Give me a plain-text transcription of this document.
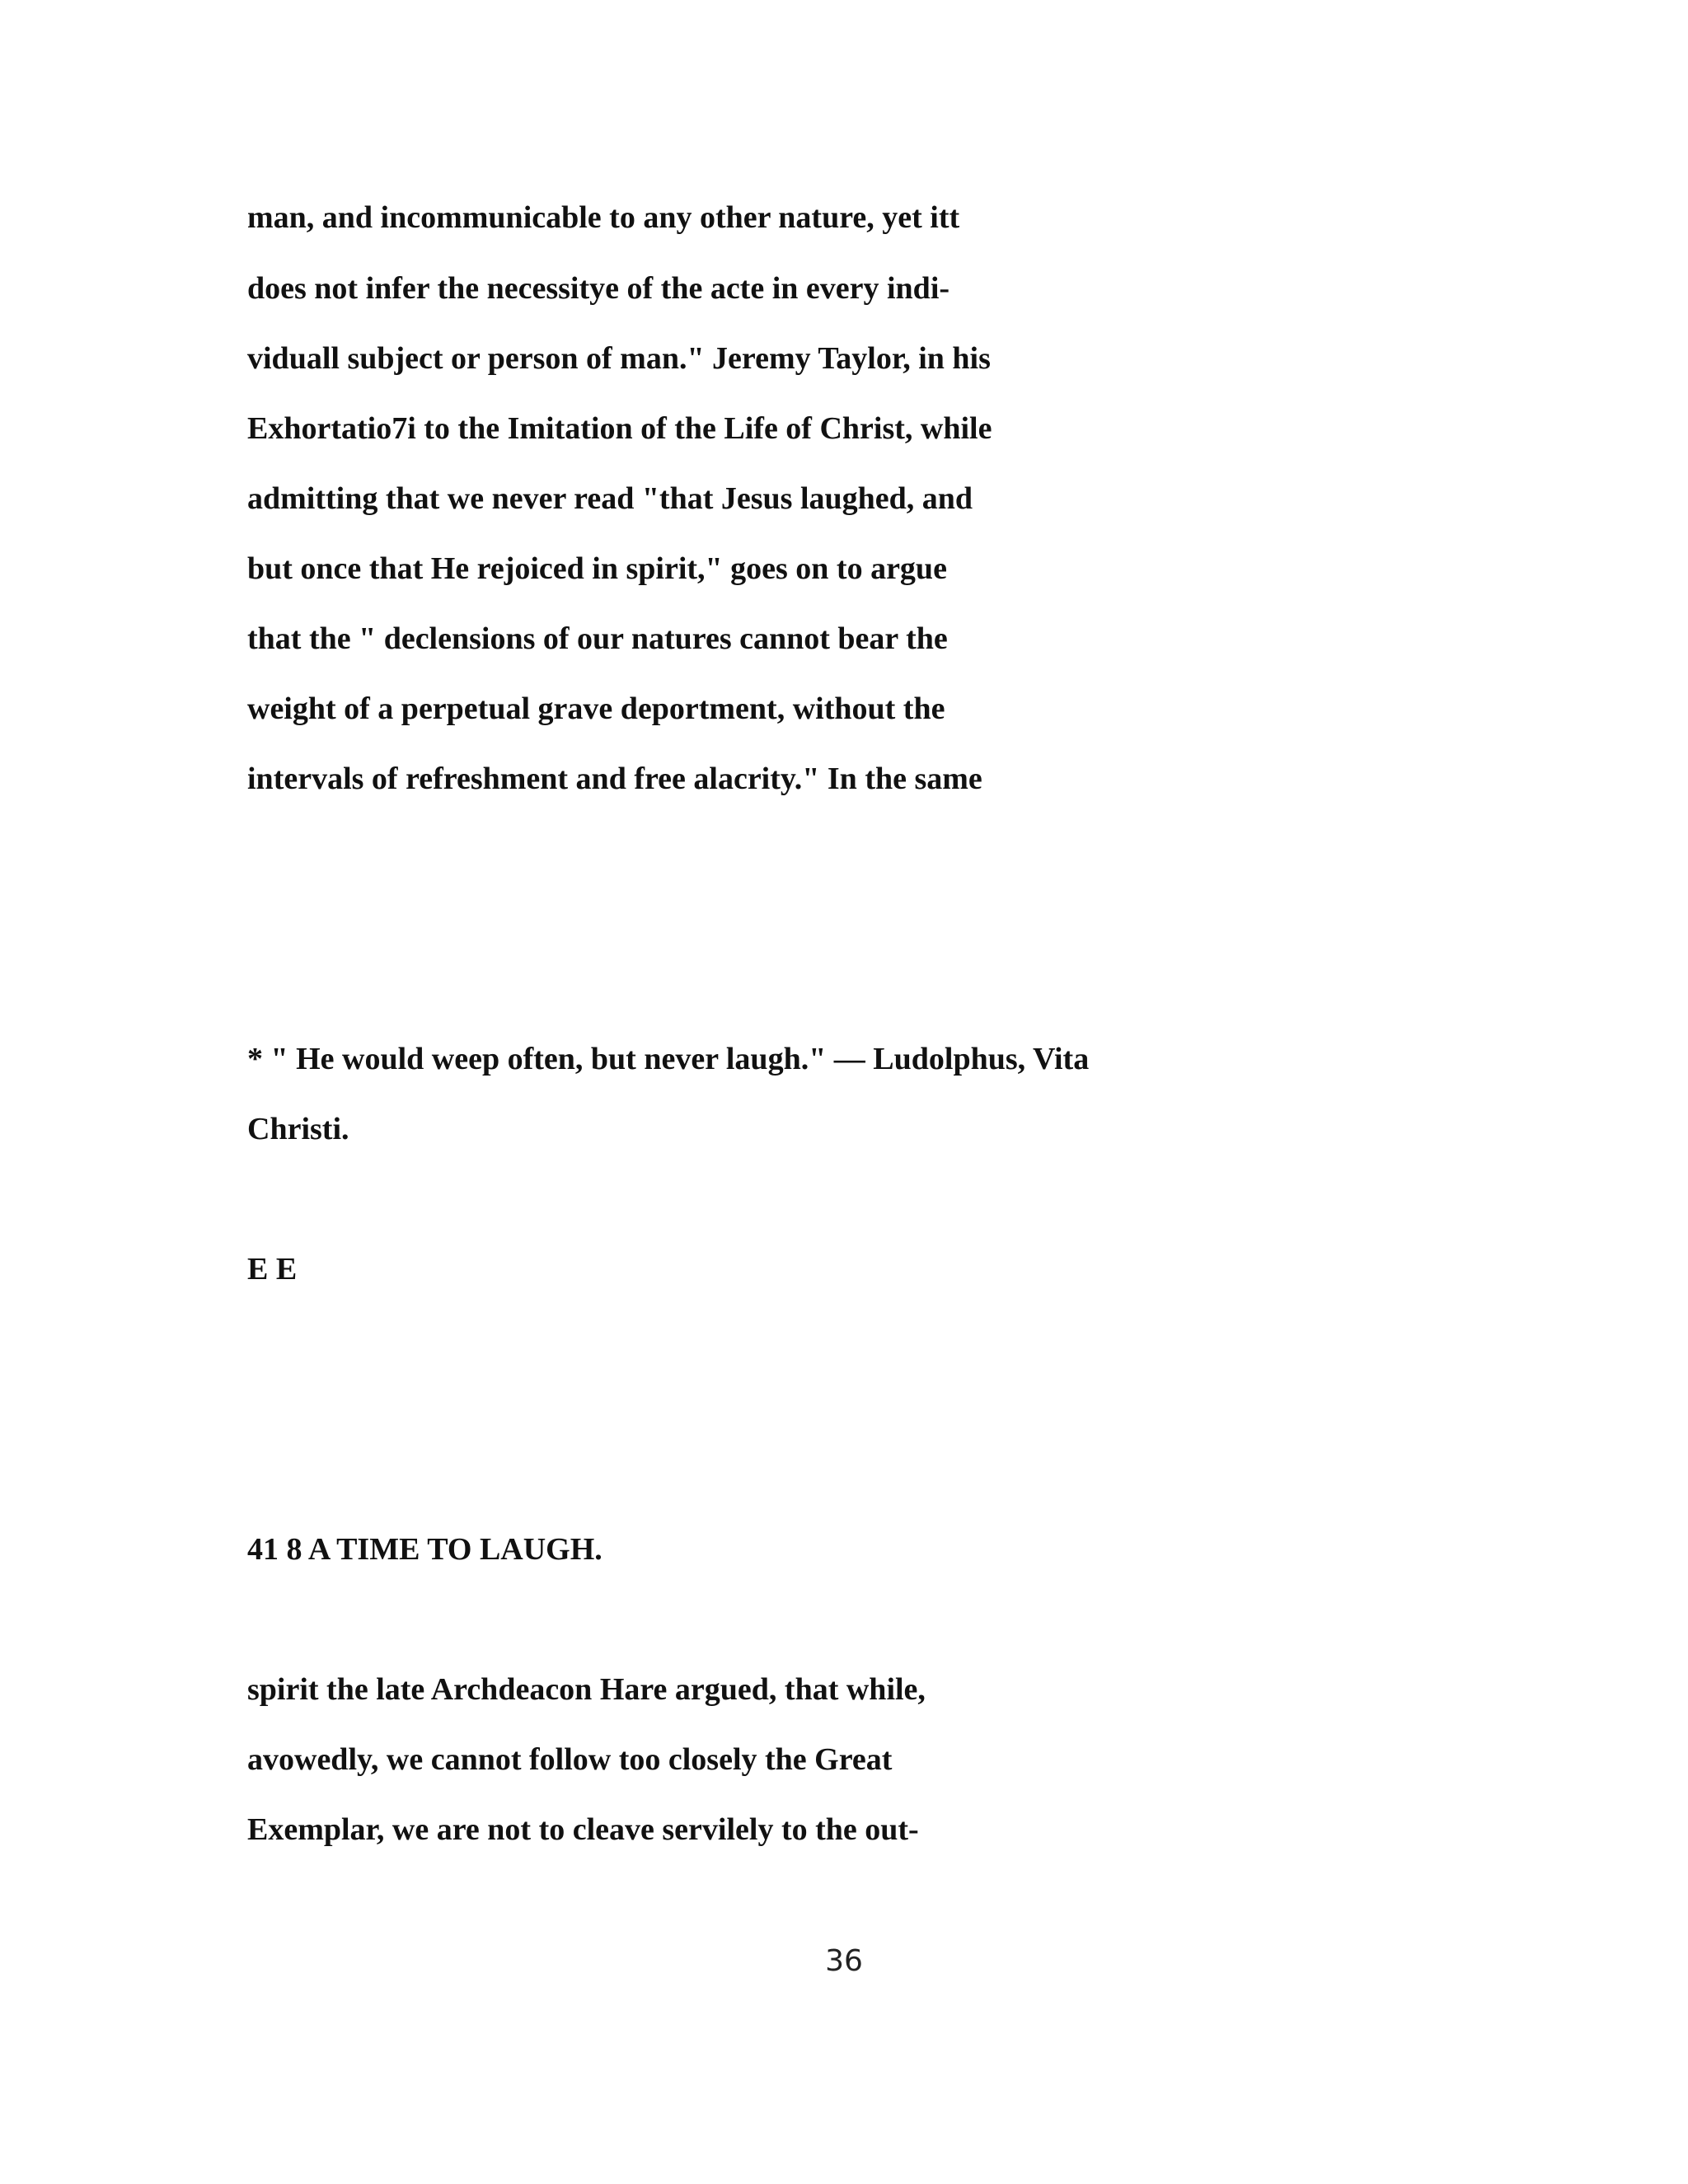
man, and incommunicable to any other nature, yet itt

does not infer the necessitye of the acte in every indi-

viduall subject or person of man." Jeremy Taylor, in his

Exhortatio7i to the Imitation of the Life of Christ, while

admitting that we never read "that Jesus laughed, and

but once that He rejoiced in spirit," goes on to argue

that the " declensions of our natures cannot bear the

weight of a perpetual grave deportment, without the

intervals of refreshment and free alacrity." In the same

* " He would weep often, but never laugh." — Ludolphus, Vita

Christi.

E E

41 8 A TIME TO LAUGH.

spirit the late Archdeacon Hare argued, that while,

avowedly, we cannot follow too closely the Great

Exemplar, we are not to cleave servilely to the out-

36
